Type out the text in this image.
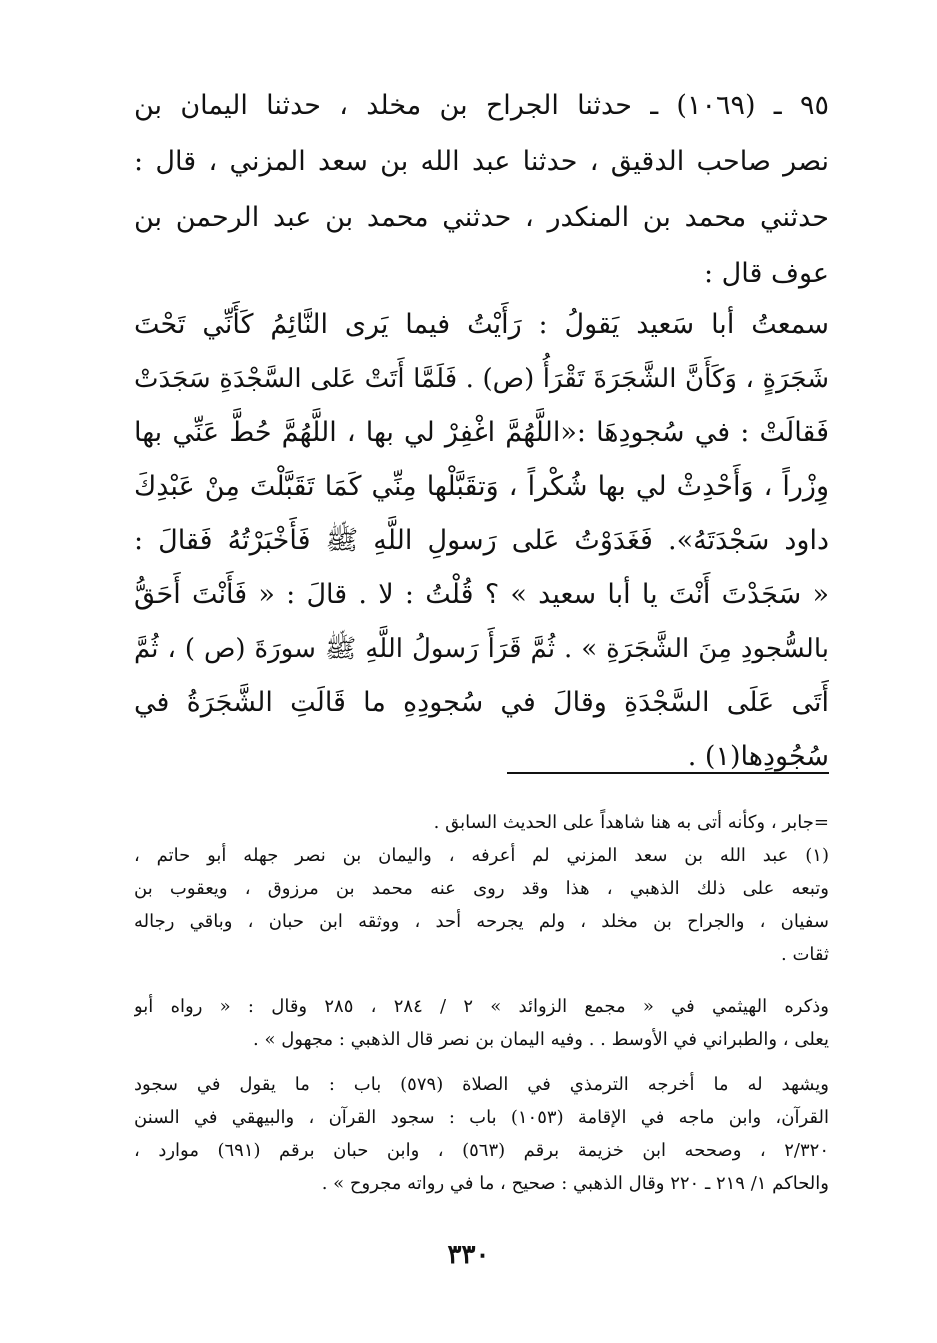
٩٥ ـ (١٠٦٩) ـ حدثنا الجراح بن مخلد ، حدثنا اليمان بن
نصر صاحب الدقيق ، حدثنا عبد الله بن سعد المزني ، قال :
حدثني محمد بن المنكدر ، حدثني محمد بن عبد الرحمن بن
عوف قال :
سمعتُ أبا سَعيد يَقولُ : رَأَيْتُ فيما يَرى النَّائِمُ كَأَنِّي تَحْتَ
شَجَرَةٍ ، وَكَأَنَّ الشَّجَرَةَ تَقْرَأُ (ص) . فَلَمَّا أَتَتْ عَلى السَّجْدَةِ سَجَدَتْ
فَقالَتْ : في سُجودِهَا :«اللَّهُمَّ اغْفِرْ لي بها ، اللَّهُمَّ حُطَّ عَنِّي بها
وِزْراً ، وَأَحْدِثْ لي بها شُكْراً ، وَتقَبَّلْها مِنِّي كَمَا تَقَبَّلْتَ مِنْ عَبْدِكَ
داود سَجْدَتَهُ». فَغَدَوْتُ عَلى رَسولِ اللَّهِ ﷺ فَأَخْبَرْتُهُ فَقالَ :
« سَجَدْتَ أَنْتَ يا أبا سعيد » ؟ قُلْتُ : لا . قالَ : « فَأَنْتَ أَحَقُّ
بالسُّجودِ مِنَ الشَّجَرَةِ » . ثُمَّ قَرَأَ رَسولُ اللَّهِ ﷺ سورَةَ (ص ) ، ثُمَّ
أَتَى عَلَى السَّجْدَةِ وقالَ في سُجودِهِ ما قَالَتِ الشَّجَرَةُ في
سُجُودِها(١) .
=جابر ، وكأنه أتى به هنا شاهداً على الحديث السابق .
(١) عبد الله بن سعد المزني لم أعرفه ، واليمان بن نصر جهله أبو حاتم ،
وتبعه على ذلك الذهبي ، هذا وقد روى عنه محمد بن مرزوق ، ويعقوب بن
سفيان ، والجراح بن مخلد ، ولم يجرحه أحد ، ووثقه ابن حبان ، وباقي رجاله
ثقات .
وذكره الهيثمي في « مجمع الزوائد » ٢ / ٢٨٤ ، ٢٨٥ وقال : « رواه أبو
يعلى ، والطبراني في الأوسط . . وفيه اليمان بن نصر قال الذهبي : مجهول » .
ويشهد له ما أخرجه الترمذي في الصلاة (٥٧٩) باب : ما يقول في سجود
القرآن، وابن ماجه في الإقامة (١٠٥٣) باب : سجود القرآن ، والبيهقي في السنن
٢/٣٢٠ ، وصححه ابن خزيمة برقم (٥٦٣) ، وابن حبان برقم (٦٩١) موارد ،
والحاكم ١/ ٢١٩ ـ ٢٢٠ وقال الذهبي : صحيح ، ما في رواته مجروح » .
٣٣٠
